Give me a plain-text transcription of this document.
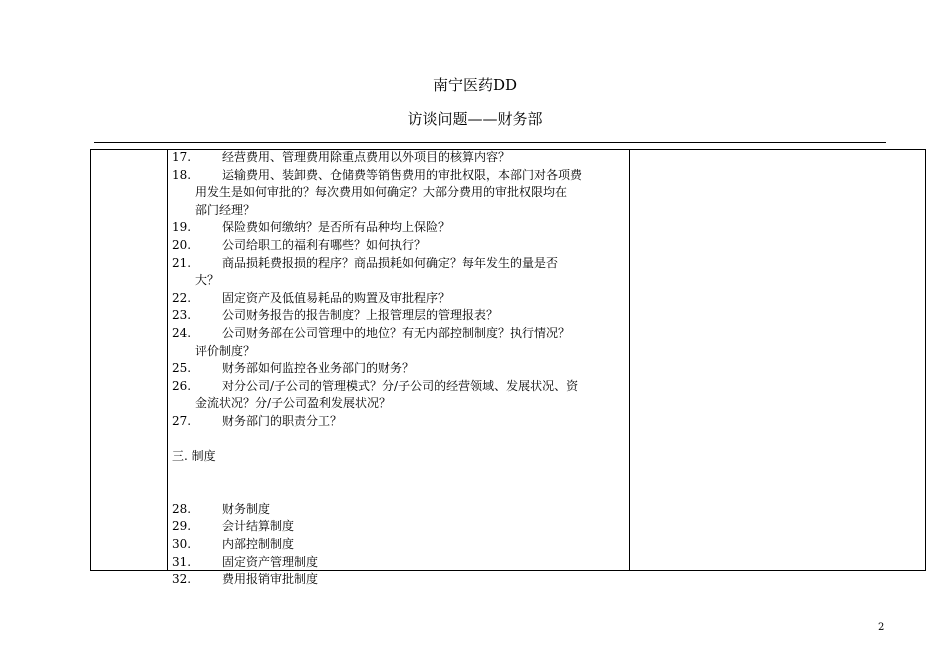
南宁医药DD
访谈问题——财务部
17.	经营费用、管理费用除重点费用以外项目的核算内容？
18.	运输费用、装卸费、仓储费等销售费用的审批权限，本部门对各项费
用发生是如何审批的？每次费用如何确定？大部分费用的审批权限均在
部门经理？
19.	保险费如何缴纳？是否所有品种均上保险？
20.	公司给职工的福利有哪些？如何执行？
21.	商品损耗费报损的程序？商品损耗如何确定？每年发生的量是否
大？
22.	固定资产及低值易耗品的购置及审批程序？
23.	公司财务报告的报告制度？上报管理层的管理报表？
24.	公司财务部在公司管理中的地位？有无内部控制制度？执行情况？
评价制度？
25.	财务部如何监控各业务部门的财务？
26.	对分公司/子公司的管理模式？分/子公司的经营领域、发展状况、资
金流状况？分/子公司盈利发展状况？
27.	财务部门的职责分工？
三. 制度
28.	财务制度
29.	会计结算制度
30.	内部控制制度
31.	固定资产管理制度
32.	费用报销审批制度
2
